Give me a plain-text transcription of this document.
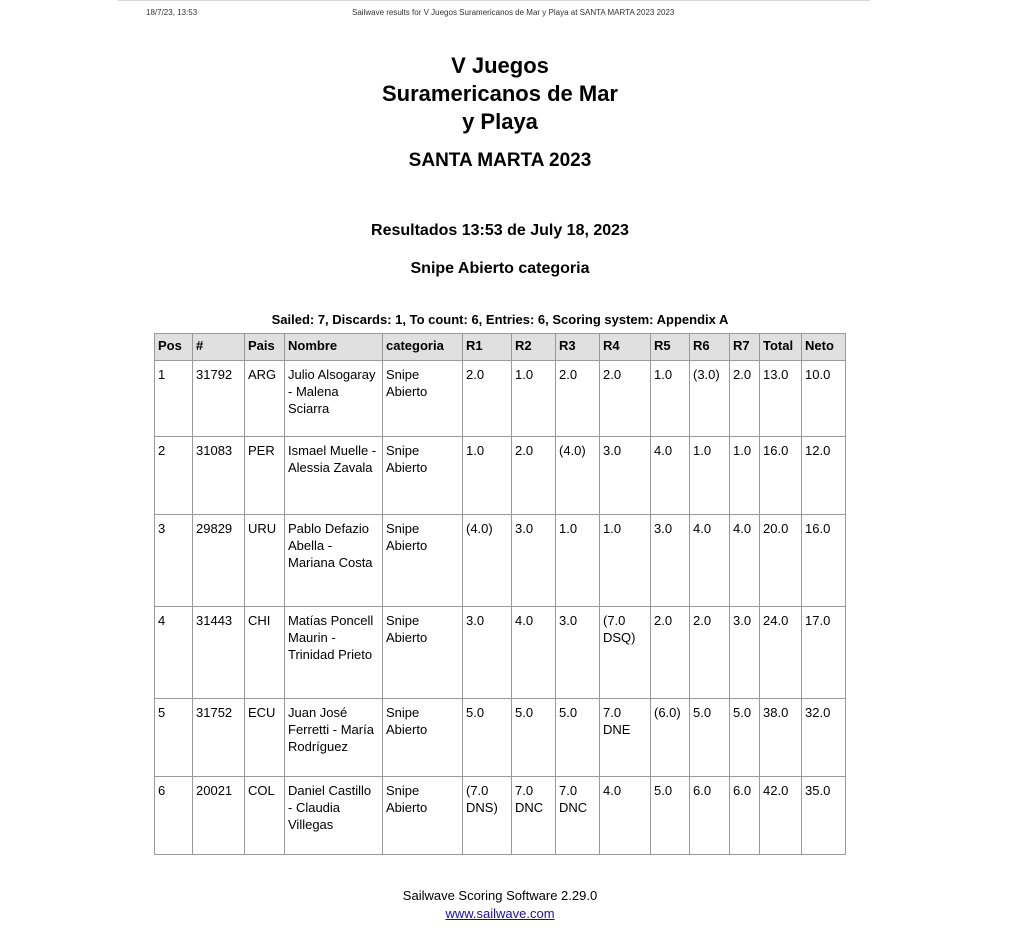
18/7/23, 13:53	Sailwave results for V Juegos Suramericanos de Mar y Playa at SANTA MARTA 2023 2023
V Juegos
Suramericanos de Mar
y Playa
SANTA MARTA 2023
Resultados 13:53 de July 18, 2023
Snipe Abierto categoria
Sailed: 7, Discards: 1, To count: 6, Entries: 6, Scoring system: Appendix A
Pos	#	Pais	Nombre	categoria	R1	R2	R3	R4	R5	R6	R7	Total	Neto
1	31792	ARG	Julio Alsogaray - Malena Sciarra	Snipe Abierto	2.0	1.0	2.0	2.0	1.0	(3.0)	2.0	13.0	10.0
2	31083	PER	Ismael Muelle - Alessia Zavala	Snipe Abierto	1.0	2.0	(4.0)	3.0	4.0	1.0	1.0	16.0	12.0
3	29829	URU	Pablo Defazio Abella - Mariana Costa	Snipe Abierto	(4.0)	3.0	1.0	1.0	3.0	4.0	4.0	20.0	16.0
4	31443	CHI	Matías Poncell Maurin - Trinidad Prieto	Snipe Abierto	3.0	4.0	3.0	(7.0 DSQ)	2.0	2.0	3.0	24.0	17.0
5	31752	ECU	Juan José Ferretti - María Rodríguez	Snipe Abierto	5.0	5.0	5.0	7.0 DNE	(6.0)	5.0	5.0	38.0	32.0
6	20021	COL	Daniel Castillo - Claudia Villegas	Snipe Abierto	(7.0 DNS)	7.0 DNC	7.0 DNC	4.0	5.0	6.0	6.0	42.0	35.0
Sailwave Scoring Software 2.29.0
www.sailwave.com
